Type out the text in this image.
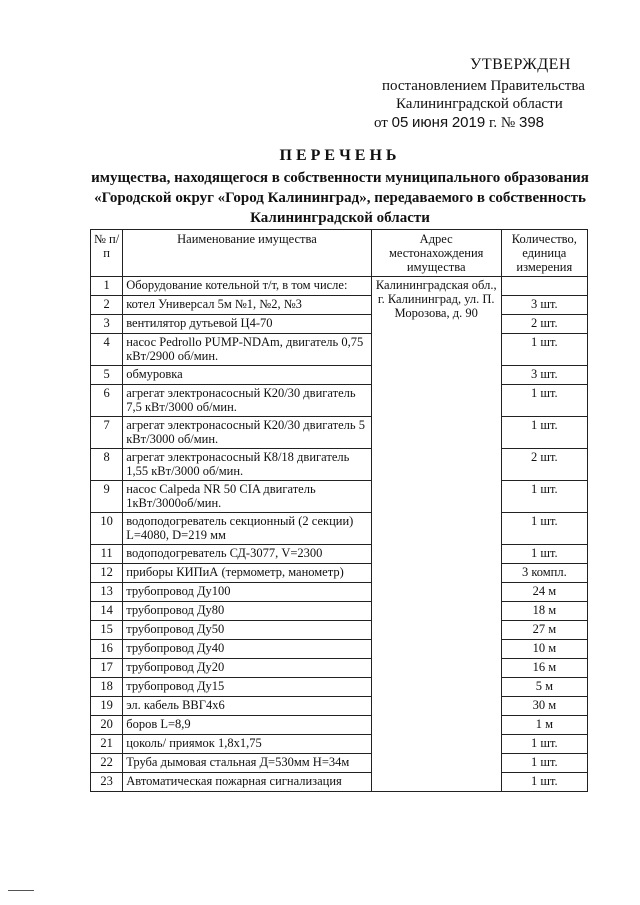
УТВЕРЖДЕН
постановлением Правительства
Калининградской области
от 05 июня 2019 г. № 398
ПЕРЕЧЕНЬ
имущества, находящегося в собственности муниципального образования
«Городской округ «Город Калининград», передаваемого в собственность
Калининградской области
№ п/п	Наименование имущества	Адрес местонахождения имущества	Количество, единица измерения
1	Оборудование котельной т/т, в том числе:	Калининградская обл., г. Калининград, ул. П. Морозова, д. 90	
2	котел Универсал 5м №1, №2, №3		3 шт.
3	вентилятор дутьевой Ц4-70		2 шт.
4	насос Pedrollo PUMP-NDAm, двигатель 0,75 кВт/2900 об/мин.		1 шт.
5	обмуровка		3 шт.
6	агрегат электронасосный К20/30 двигатель 7,5 кВт/3000 об/мин.		1 шт.
7	агрегат электронасосный К20/30 двигатель 5 кВт/3000 об/мин.		1 шт.
8	агрегат электронасосный К8/18 двигатель 1,55 кВт/3000 об/мин.		2 шт.
9	насос Calpeda NR 50 CIA двигатель 1кВт/3000об/мин.		1 шт.
10	водоподогреватель секционный (2 секции) L=4080, D=219 мм		1 шт.
11	водоподогреватель СД-3077, V=2300		1 шт.
12	приборы КИПиА (термометр, манометр)		3 компл.
13	трубопровод Ду100		24 м
14	трубопровод Ду80		18 м
15	трубопровод Ду50		27 м
16	трубопровод Ду40		10 м
17	трубопровод Ду20		16 м
18	трубопровод Ду15		5 м
19	эл. кабель ВВГ4х6		30 м
20	боров L=8,9		1 м
21	цоколь/ приямок 1,8х1,75		1 шт.
22	Труба дымовая стальная Д=530мм Н=34м		1 шт.
23	Автоматическая пожарная сигнализация		1 шт.
